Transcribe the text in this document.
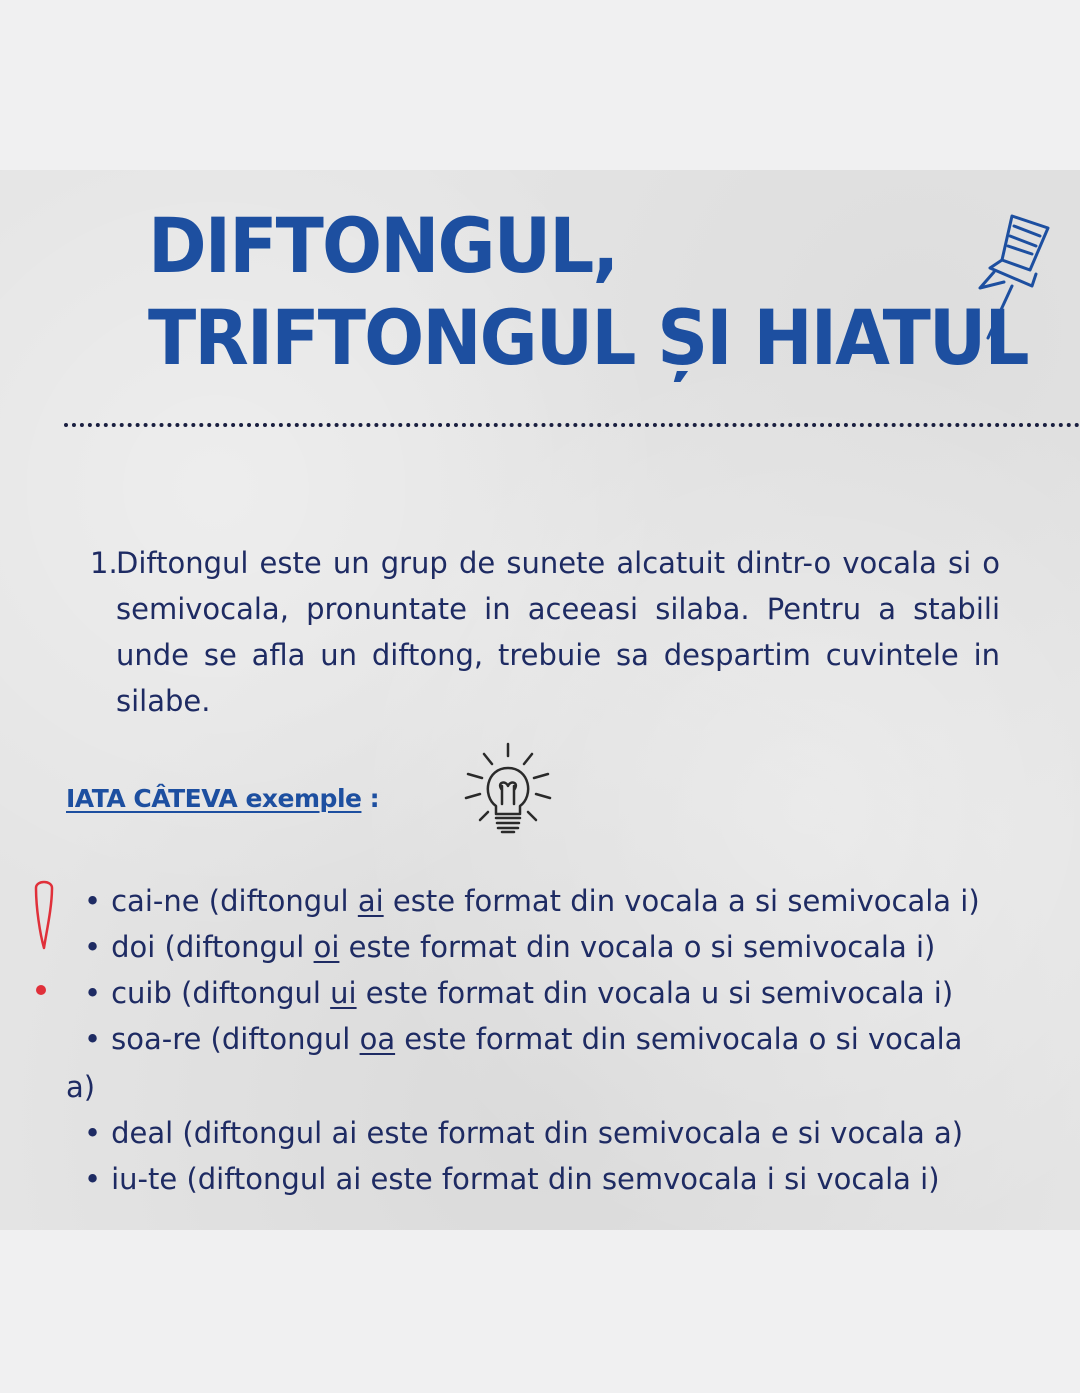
DIFTONGUL,
TRIFTONGUL ȘI HIATUL
1.
Diftongul este un grup de sunete alcatuit dintr-o vocala si o semivocala, pronuntate in aceeasi silaba. Pentru a stabili unde se afla un diftong, trebuie sa despartim cuvintele in silabe.
IATA CÂTEVA exemple :
• cai-ne (diftongul ai este format din vocala a si semivocala i)
• doi (diftongul oi este format din vocala o si semivocala i)
• cuib (diftongul ui este format din vocala u si semivocala i)
• soa-re (diftongul oa este format din semivocala o si vocala
a)
• deal (diftongul ai este format din semivocala e si vocala a)
• iu-te (diftongul ai este format din semvocala i si vocala i)
